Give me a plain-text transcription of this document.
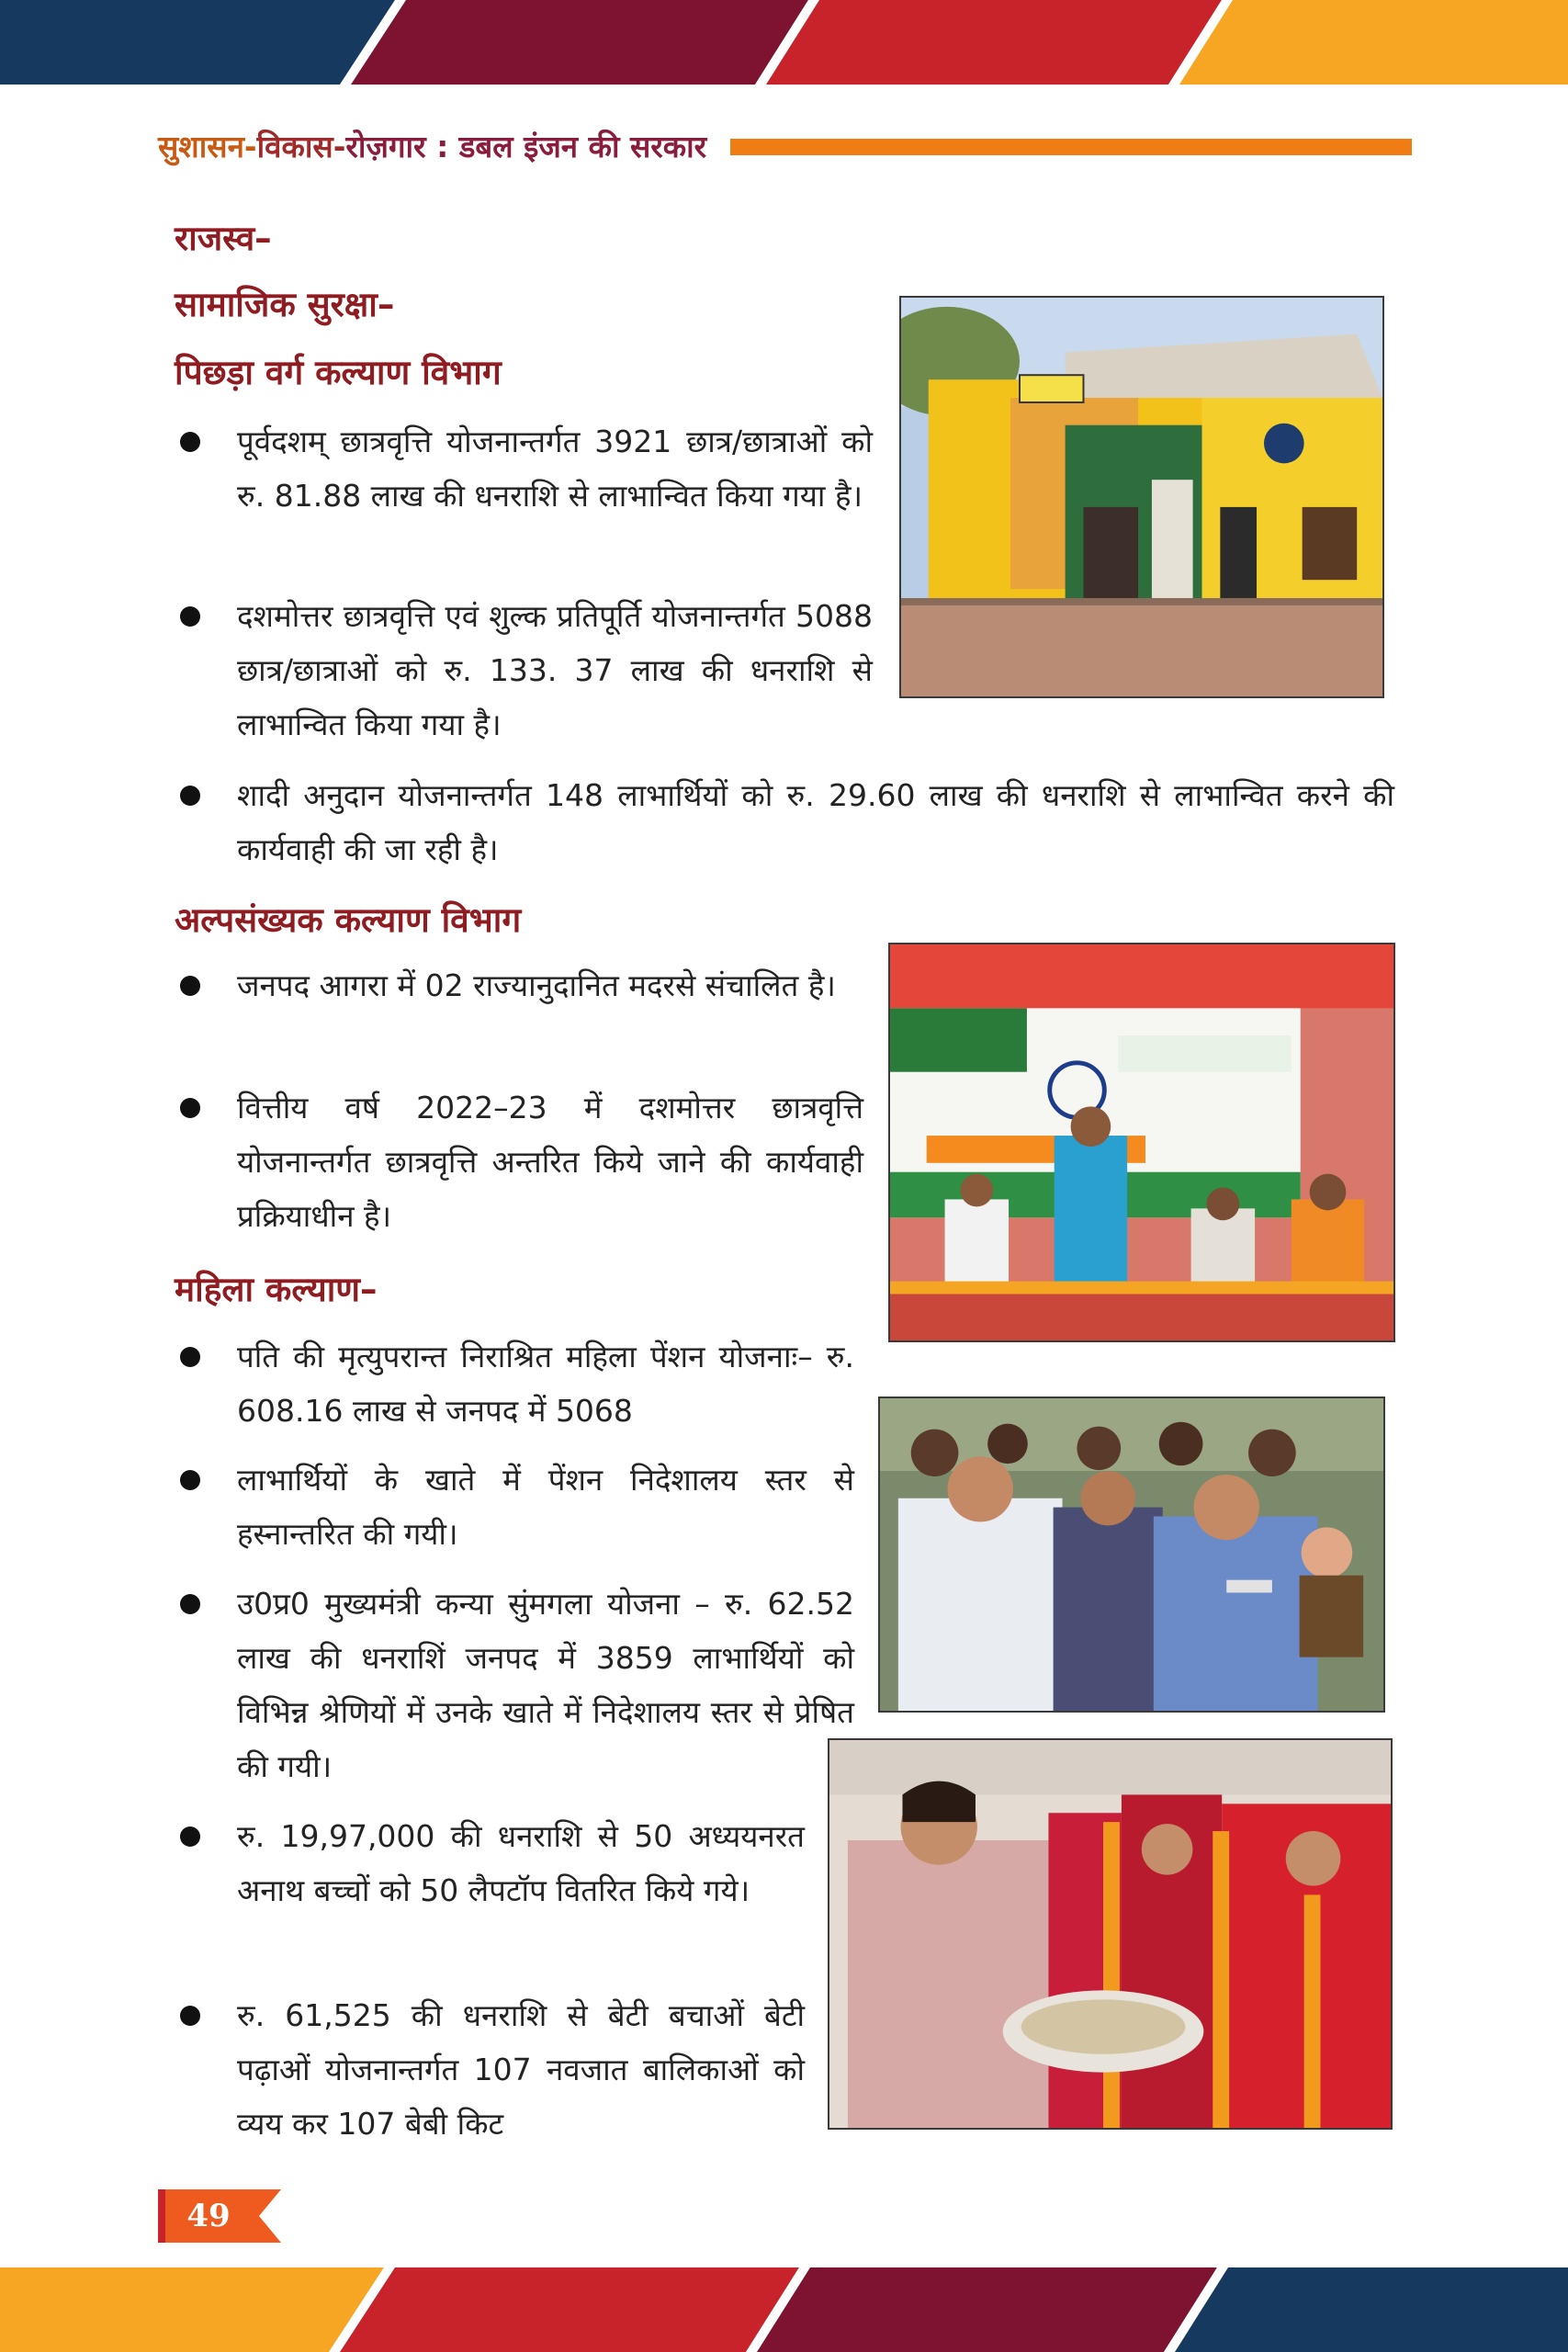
सुशासन-विकास-रोज़गार : डबल इंजन की सरकार
राजस्व–
सामाजिक सुरक्षा–
पिछड़ा वर्ग कल्याण विभाग
पूर्वदशम् छात्रवृत्ति योजनान्तर्गत 3921 छात्र/छात्राओं को रु. 81.88 लाख की धनराशि से लाभान्वित किया गया है।
दशमोत्तर छात्रवृत्ति एवं शुल्क प्रतिपूर्ति योजनान्तर्गत 5088 छात्र/छात्राओं को रु. 133. 37 लाख की धनराशि से लाभान्वित किया गया है।
शादी अनुदान योजनान्तर्गत 148 लाभार्थियों को रु. 29.60 लाख की धनराशि से लाभान्वित करने की कार्यवाही की जा रही है।
अल्पसंख्यक कल्याण विभाग
जनपद आगरा में 02 राज्यानुदानित मदरसे संचालित है।
वित्तीय वर्ष 2022–23 में दशमोत्तर छात्रवृत्ति योजनान्तर्गत छात्रवृत्ति अन्तरित किये जाने की कार्यवाही प्रक्रियाधीन है।
महिला कल्याण–
पति की मृत्युपरान्त निराश्रित महिला पेंशन योजनाः– रु. 608.16 लाख से जनपद में 5068
लाभार्थियों के खाते में पेंशन निदेशालय स्तर से हस्नान्तरित की गयी।
उ0प्र0 मुख्यमंत्री कन्या सुंमगला योजना – रु. 62.52 लाख की धनराशिं जनपद में 3859 लाभार्थियों को विभिन्न श्रेणियों में उनके खाते में निदेशालय स्तर से प्रेषित की गयी।
रु. 19,97,000 की धनराशि से 50 अध्ययनरत अनाथ बच्चों को 50 लैपटॉप वितरित किये गये।
रु. 61,525 की धनराशि से बेटी बचाओं बेटी पढ़ाओं योजनान्तर्गत 107 नवजात बालिकाओं को व्यय कर 107 बेबी किट
49
